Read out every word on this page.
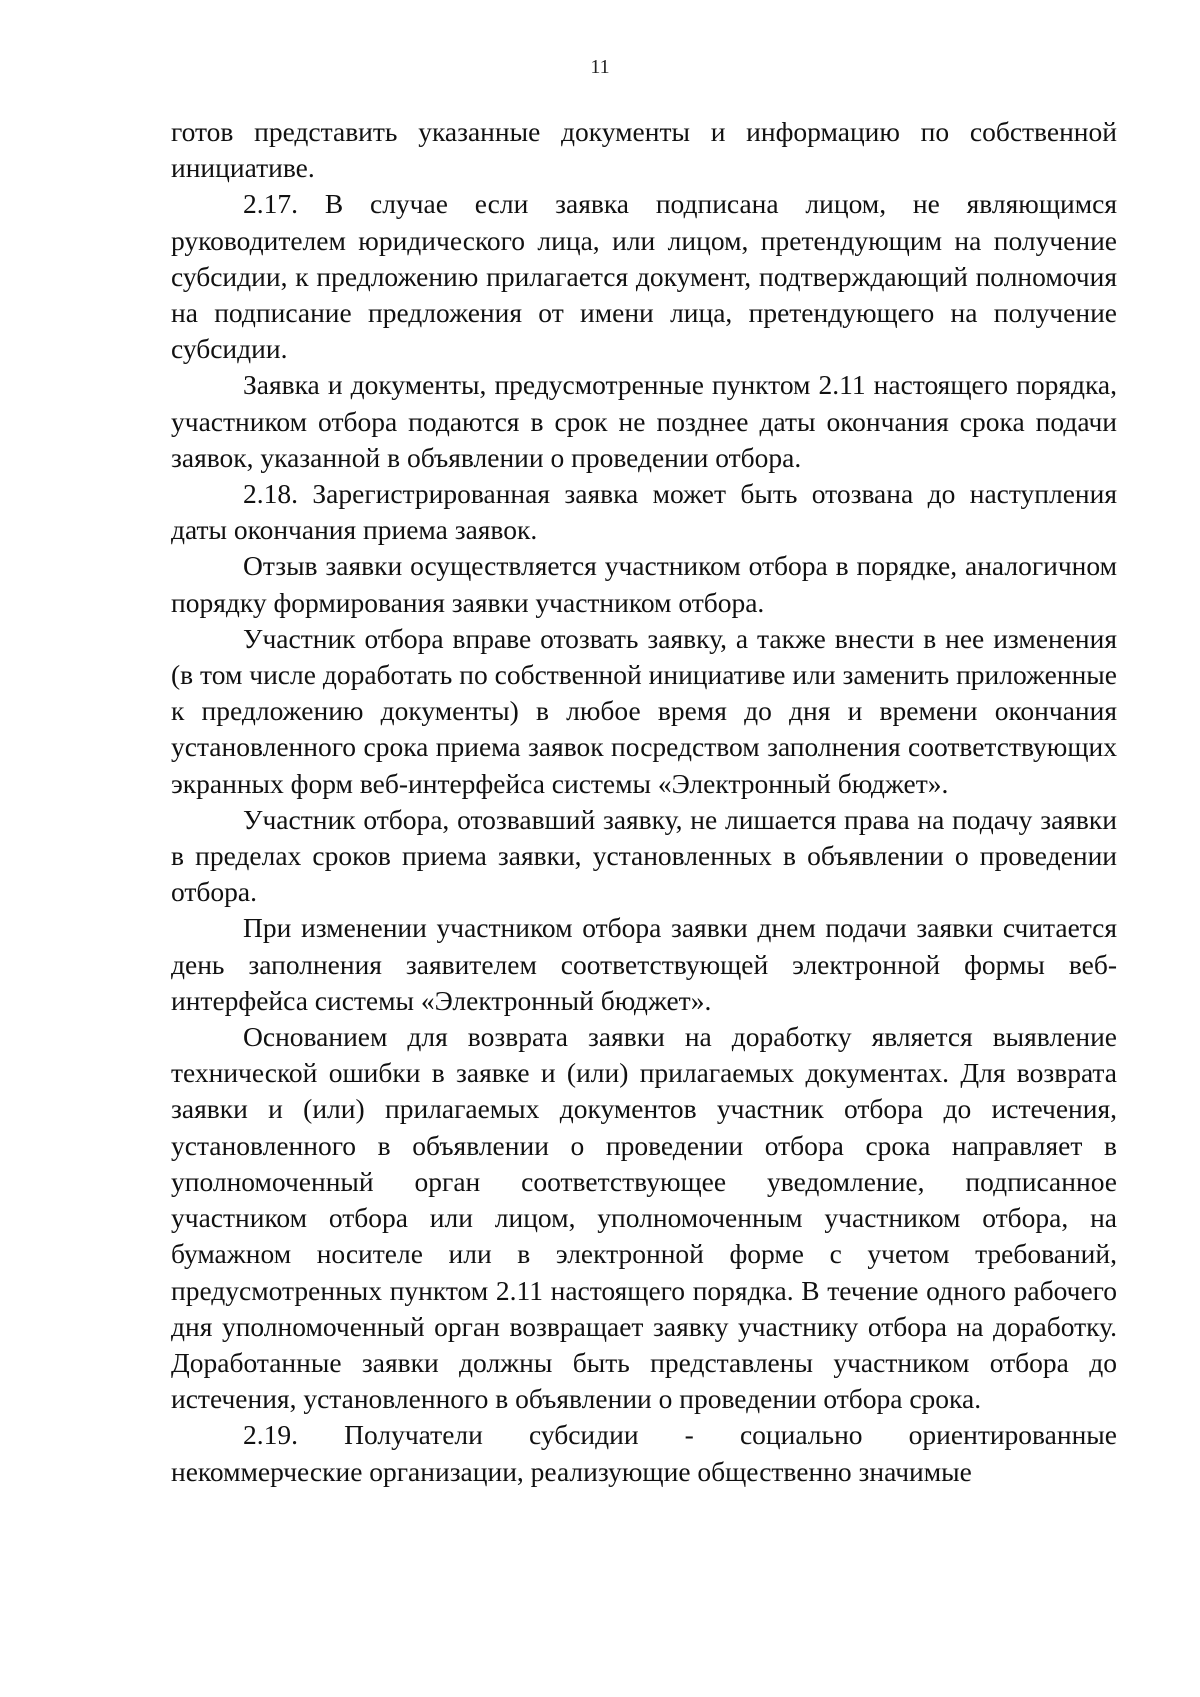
11

готов представить указанные документы и информацию по собственной инициативе.

2.17. В случае если заявка подписана лицом, не являющимся руководителем юридического лица, или лицом, претендующим на получение субсидии, к предложению прилагается документ, подтверждающий полномочия на подписание предложения от имени лица, претендующего на получение субсидии.

Заявка и документы, предусмотренные пунктом 2.11 настоящего порядка, участником отбора подаются в срок не позднее даты окончания срока подачи заявок, указанной в объявлении о проведении отбора.

2.18. Зарегистрированная заявка может быть отозвана до наступления даты окончания приема заявок.

Отзыв заявки осуществляется участником отбора в порядке, аналогичном порядку формирования заявки участником отбора.

Участник отбора вправе отозвать заявку, а также внести в нее изменения (в том числе доработать по собственной инициативе или заменить приложенные к предложению документы) в любое время до дня и времени окончания установленного срока приема заявок посредством заполнения соответствующих экранных форм веб-интерфейса системы «Электронный бюджет».

Участник отбора, отозвавший заявку, не лишается права на подачу заявки в пределах сроков приема заявки, установленных в объявлении о проведении отбора.

При изменении участником отбора заявки днем подачи заявки считается день заполнения заявителем соответствующей электронной формы веб-интерфейса системы «Электронный бюджет».

Основанием для возврата заявки на доработку является выявление технической ошибки в заявке и (или) прилагаемых документах. Для возврата заявки и (или) прилагаемых документов участник отбора до истечения, установленного в объявлении о проведении отбора срока направляет в уполномоченный орган соответствующее уведомление, подписанное участником отбора или лицом, уполномоченным участником отбора, на бумажном носителе или в электронной форме с учетом требований, предусмотренных пунктом 2.11 настоящего порядка. В течение одного рабочего дня уполномоченный орган возвращает заявку участнику отбора на доработку. Доработанные заявки должны быть представлены участником отбора до истечения, установленного в объявлении о проведении отбора срока.

2.19. Получатели субсидии - социально ориентированные некоммерческие организации, реализующие общественно значимые
